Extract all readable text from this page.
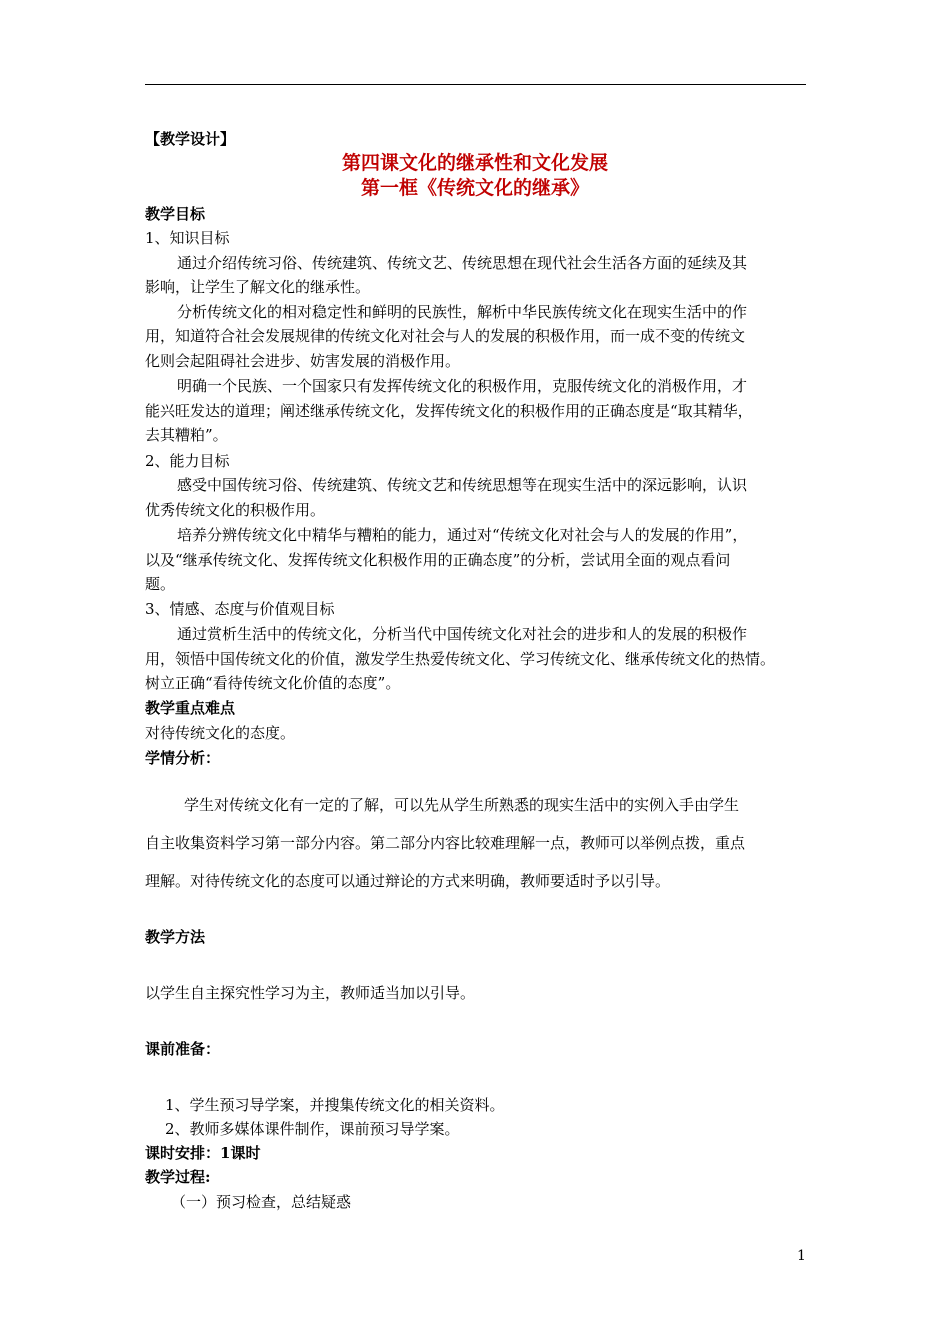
【教学设计】
第四课文化的继承性和文化发展
第一框《传统文化的继承》
教学目标
1、知识目标
通过介绍传统习俗、传统建筑、传统文艺、传统思想在现代社会生活各方面的延续及其
影响，让学生了解文化的继承性。
分析传统文化的相对稳定性和鲜明的民族性，解析中华民族传统文化在现实生活中的作
用，知道符合社会发展规律的传统文化对社会与人的发展的积极作用，而一成不变的传统文
化则会起阻碍社会进步、妨害发展的消极作用。
明确一个民族、一个国家只有发挥传统文化的积极作用，克服传统文化的消极作用，才
能兴旺发达的道理；阐述继承传统文化，发挥传统文化的积极作用的正确态度是“取其精华，
去其糟粕”。
2、能力目标
感受中国传统习俗、传统建筑、传统文艺和传统思想等在现实生活中的深远影响，认识
优秀传统文化的积极作用。
培养分辨传统文化中精华与糟粕的能力，通过对“传统文化对社会与人的发展的作用”，
以及“继承传统文化、发挥传统文化积极作用的正确态度”的分析，尝试用全面的观点看问
题。
3、情感、态度与价值观目标
通过赏析生活中的传统文化，分析当代中国传统文化对社会的进步和人的发展的积极作
用，领悟中国传统文化的价值，激发学生热爱传统文化、学习传统文化、继承传统文化的热情。
树立正确“看待传统文化价值的态度”。
教学重点难点
对待传统文化的态度。
学情分析：
学生对传统文化有一定的了解，可以先从学生所熟悉的现实生活中的实例入手由学生
自主收集资料学习第一部分内容。第二部分内容比较难理解一点，教师可以举例点拨，重点
理解。对待传统文化的态度可以通过辩论的方式来明确，教师要适时予以引导。
教学方法
以学生自主探究性学习为主，教师适当加以引导。
课前准备：
1、学生预习导学案，并搜集传统文化的相关资料。
2、教师多媒体课件制作，课前预习导学案。
课时安排：1课时
教学过程:
（一）预习检查，总结疑惑
1
